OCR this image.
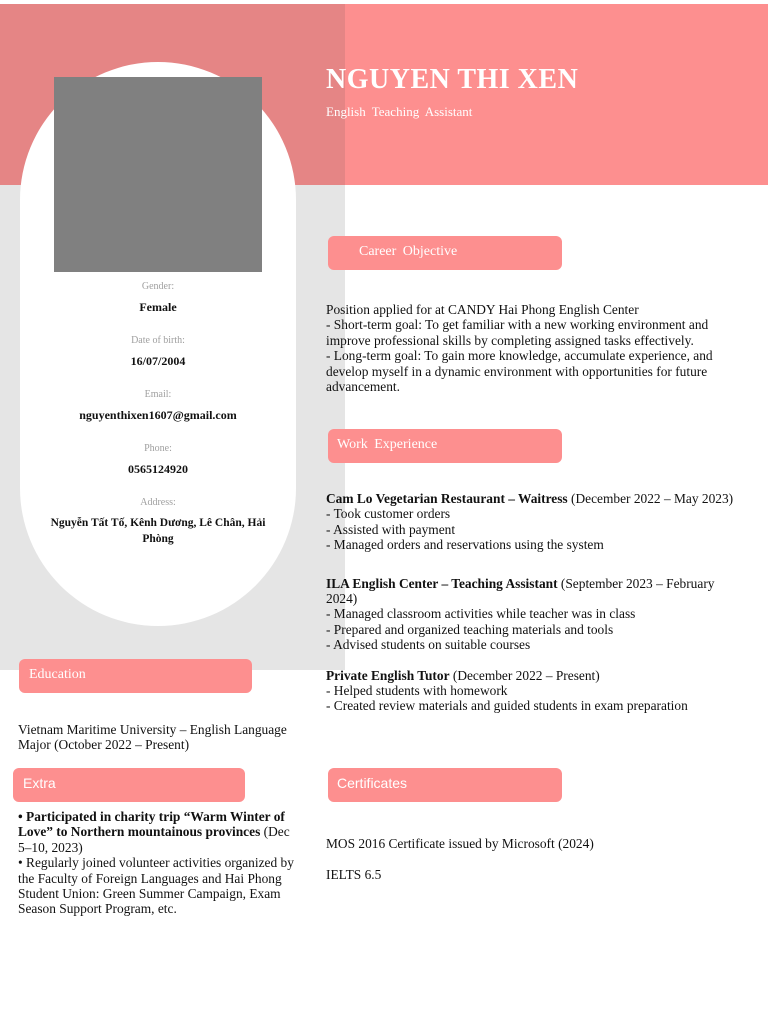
NGUYEN THI XEN
English Teaching Assistant
Gender:
Female
Date of birth:
16/07/2004
Email:
nguyenthixen1607@gmail.com
Phone:
0565124920
Address:
Nguyễn Tất Tố, Kênh Dương, Lê Chân, Hải Phòng
Career Objective

Position applied for at CANDY Hai Phong English Center

- Short-term goal: To get familiar with a new working environment and improve professional skills by completing assigned tasks effectively.

- Long-term goal: To gain more knowledge, accumulate experience, and develop myself in a dynamic environment with opportunities for future advancement.

Work Experience

Cam Lo Vegetarian Restaurant – Waitress (December 2022 – May 2023)

- Took customer orders

- Assisted with payment

- Managed orders and reservations using the system

ILA English Center – Teaching Assistant (September 2023 – February 2024)

- Managed classroom activities while teacher was in class

- Prepared and organized teaching materials and tools

- Advised students on suitable courses

Private English Tutor (December 2022 – Present)

- Helped students with homework

- Created review materials and guided students in exam preparation

Education
Vietnam Maritime University – English Language Major (October 2022 – Present)
Extra

• Participated in charity trip “Warm Winter of Love” to Northern mountainous provinces (Dec 5–10, 2023)

• Regularly joined volunteer activities organized by the Faculty of Foreign Languages and Hai Phong Student Union: Green Summer Campaign, Exam Season Support Program, etc.

Certificates

MOS 2016 Certificate issued by Microsoft (2024)

IELTS 6.5
